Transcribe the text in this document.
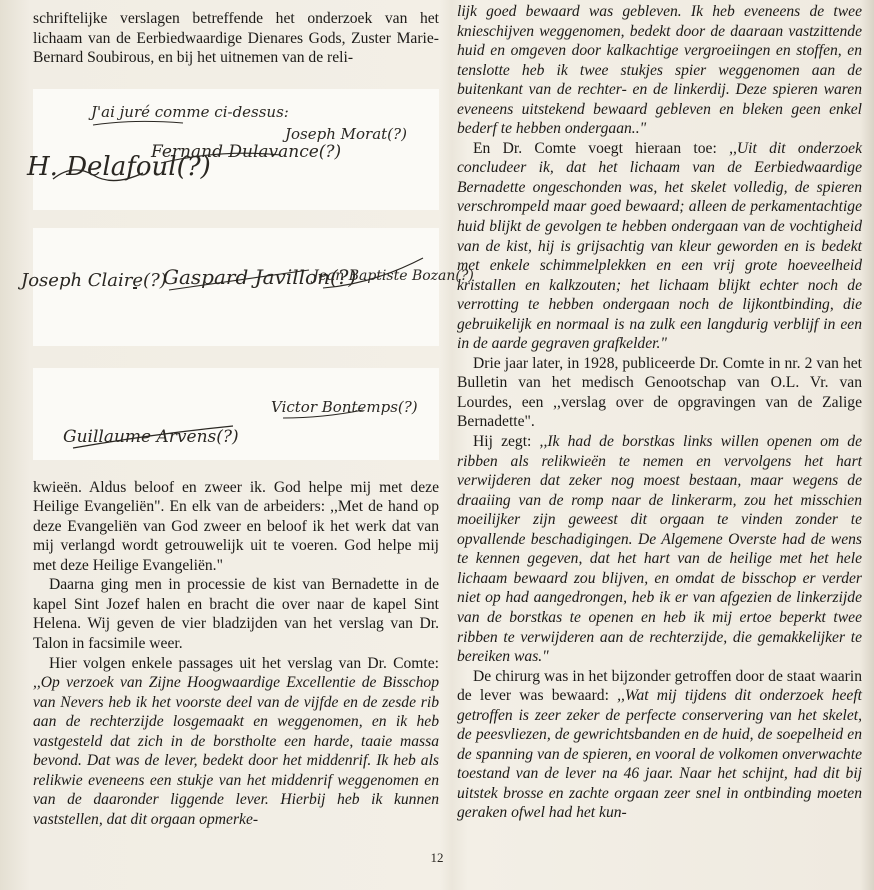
schriftelijke verslagen betreffende het onderzoek van het lichaam van de Eerbiedwaardige Dienares Gods, Zuster Marie-Bernard Soubirous, en bij het uitnemen van de reli-

J'ai juré comme ci-dessus:
H. Delafoul(?)
Fernand Dulavance(?)
Joseph Morat(?)
Joseph Claire(?)
Gaspard Javillon(?)
Jean Baptiste Bozan(?)
Guillaume Arvens(?)
Victor Bontemps(?)

kwieën. Aldus beloof en zweer ik. God helpe mij met deze Heilige Evangeliën". En elk van de arbeiders: ,,Met de hand op deze Evangeliën van God zweer en beloof ik het werk dat van mij verlangd wordt getrouwelijk uit te voeren. God helpe mij met deze Heilige Evangeliën."

Daarna ging men in processie de kist van Bernadette in de kapel Sint Jozef halen en bracht die over naar de kapel Sint Helena. Wij geven de vier bladzijden van het verslag van Dr. Talon in facsimile weer.

Hier volgen enkele passages uit het verslag van Dr. Comte: ,,Op verzoek van Zijne Hoogwaardige Excellentie de Bisschop van Nevers heb ik het voorste deel van de vijfde en de zesde rib aan de rechterzijde losgemaakt en weggenomen, en ik heb vastgesteld dat zich in de borstholte een harde, taaie massa bevond. Dat was de lever, bedekt door het middenrif. Ik heb als relikwie eveneens een stukje van het middenrif weggenomen en van de daaronder liggende lever. Hierbij heb ik kunnen vaststellen, dat dit orgaan opmerke-

lijk goed bewaard was gebleven. Ik heb eveneens de twee knieschijven weggenomen, bedekt door de daaraan vastzittende huid en omgeven door kalkachtige vergroeiingen en stoffen, en tenslotte heb ik twee stukjes spier weggenomen aan de buitenkant van de rechter- en de linkerdij. Deze spieren waren eveneens uitstekend bewaard gebleven en bleken geen enkel bederf te hebben ondergaan.."

En Dr. Comte voegt hieraan toe: ,,Uit dit onderzoek concludeer ik, dat het lichaam van de Eerbiedwaardige Bernadette ongeschonden was, het skelet volledig, de spieren verschrompeld maar goed bewaard; alleen de perkamentachtige huid blijkt de gevolgen te hebben ondergaan van de vochtigheid van de kist, hij is grijsachtig van kleur geworden en is bedekt met enkele schimmelplekken en een vrij grote hoeveelheid kristallen en kalkzouten; het lichaam blijkt echter noch de verrotting te hebben ondergaan noch de lijkontbinding, die gebruikelijk en normaal is na zulk een langdurig verblijf in een in de aarde gegraven grafkelder."

Drie jaar later, in 1928, publiceerde Dr. Comte in nr. 2 van het Bulletin van het medisch Genootschap van O.L. Vr. van Lourdes, een ,,verslag over de opgravingen van de Zalige Bernadette".

Hij zegt: ,,Ik had de borstkas links willen openen om de ribben als relikwieën te nemen en vervolgens het hart verwijderen dat zeker nog moest bestaan, maar wegens de draaiing van de romp naar de linkerarm, zou het misschien moeilijker zijn geweest dit orgaan te vinden zonder te opvallende beschadigingen. De Algemene Overste had de wens te kennen gegeven, dat het hart van de heilige met het hele lichaam bewaard zou blijven, en omdat de bisschop er verder niet op had aangedrongen, heb ik er van afgezien de linkerzijde van de borstkas te openen en heb ik mij ertoe beperkt twee ribben te verwijderen aan de rechterzijde, die gemakkelijker te bereiken was."

De chirurg was in het bijzonder getroffen door de staat waarin de lever was bewaard: ,,Wat mij tijdens dit onderzoek heeft getroffen is zeer zeker de perfecte conservering van het skelet, de peesvliezen, de gewrichtsbanden en de huid, de soepelheid en de spanning van de spieren, en vooral de volkomen onverwachte toestand van de lever na 46 jaar. Naar het schijnt, had dit bij uitstek brosse en zachte orgaan zeer snel in ontbinding moeten geraken ofwel had het kun-

12
